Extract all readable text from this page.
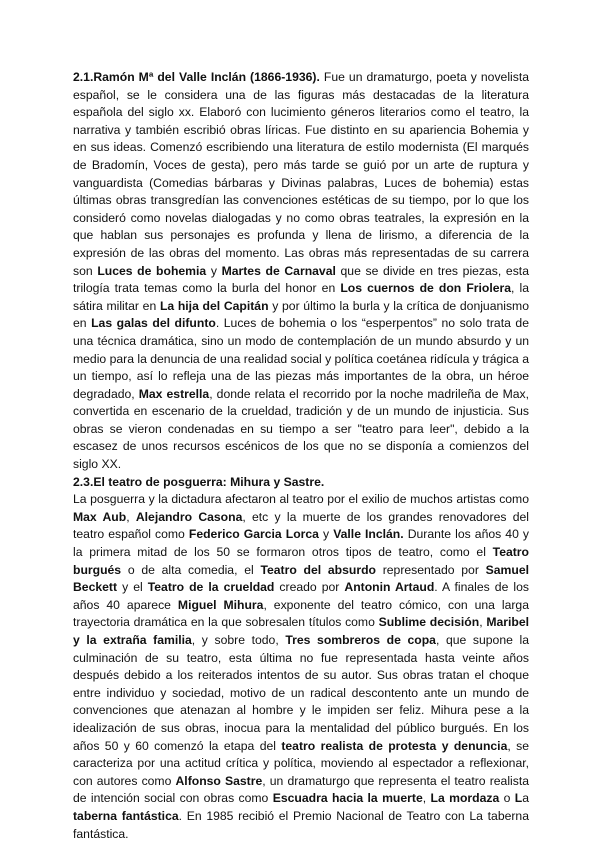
2.1.Ramón Mª del Valle Inclán (1866-1936). Fue un dramaturgo, poeta y novelista español, se le considera una de las figuras más destacadas de la literatura española del siglo xx. Elaboró con lucimiento géneros literarios como el teatro, la narrativa y también escribió obras líricas. Fue distinto en su apariencia Bohemia y en sus ideas. Comenzó escribiendo una literatura de estilo modernista (El marqués de Bradomín, Voces de gesta), pero más tarde se guió por un arte de ruptura y vanguardista (Comedias bárbaras y Divinas palabras, Luces de bohemia) estas últimas obras transgredían las convenciones estéticas de su tiempo, por lo que los consideró como novelas dialogadas y no como obras teatrales, la expresión en la que hablan sus personajes es profunda y llena de lirismo, a diferencia de la expresión de las obras del momento. Las obras más representadas de su carrera son Luces de bohemia y Martes de Carnaval que se divide en tres piezas, esta trilogía trata temas como la burla del honor en Los cuernos de don Friolera, la sátira militar en La hija del Capitán y por último la burla y la crítica de donjuanismo en Las galas del difunto. Luces de bohemia o los “esperpentos” no solo trata de una técnica dramática, sino un modo de contemplación de un mundo absurdo y un medio para la denuncia de una realidad social y política coetánea ridícula y trágica a un tiempo, así lo refleja una de las piezas más importantes de la obra, un héroe degradado, Max estrella, donde relata el recorrido por la noche madrileña de Max, convertida en escenario de la crueldad, tradición y de un mundo de injusticia. Sus obras se vieron condenadas en su tiempo a ser "teatro para leer", debido a la escasez de unos recursos escénicos de los que no se disponía a comienzos del siglo XX.

2.3.El teatro de posguerra: Mihura y Sastre.

La posguerra y la dictadura afectaron al teatro por el exilio de muchos artistas como Max Aub, Alejandro Casona, etc y la muerte de los grandes renovadores del teatro español como Federico Garcia Lorca y Valle Inclán. Durante los años 40 y la primera mitad de los 50 se formaron otros tipos de teatro, como el Teatro burgués o de alta comedia, el Teatro del absurdo representado por Samuel Beckett y el Teatro de la crueldad creado por Antonin Artaud. A finales de los años 40 aparece Miguel Mihura, exponente del teatro cómico, con una larga trayectoria dramática en la que sobresalen títulos como Sublime decisión, Maribel y la extraña familia, y sobre todo, Tres sombreros de copa, que supone la culminación de su teatro, esta última no fue representada hasta veinte años después debido a los reiterados intentos de su autor. Sus obras tratan el choque entre individuo y sociedad, motivo de un radical descontento ante un mundo de convenciones que atenazan al hombre y le impiden ser feliz. Mihura pese a la idealización de sus obras, inocua para la mentalidad del público burgués. En los años 50 y 60 comenzó la etapa del teatro realista de protesta y denuncia, se caracteriza por una actitud crítica y política, moviendo al espectador a reflexionar, con autores como Alfonso Sastre, un dramaturgo que representa el teatro realista de intención social con obras como Escuadra hacia la muerte, La mordaza o La taberna fantástica. En 1985 recibió el Premio Nacional de Teatro con La taberna fantástica.
